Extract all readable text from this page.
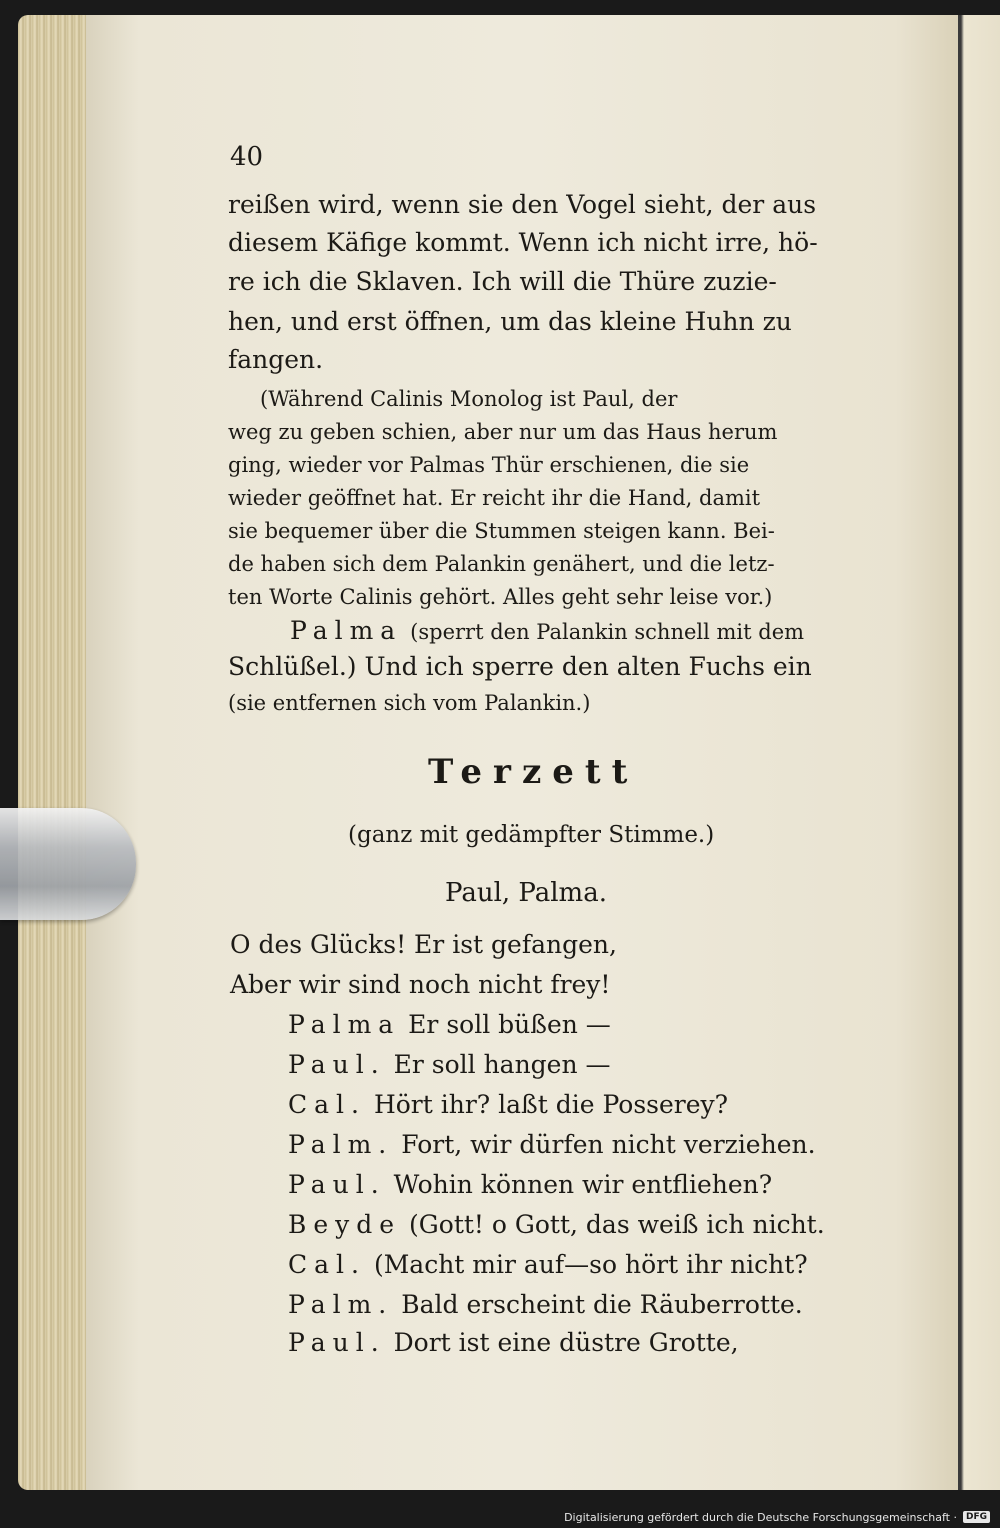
40
reißen wird, wenn sie den Vogel sieht, der aus
diesem Käfige kommt. Wenn ich nicht irre, hö-
re ich die Sklaven. Ich will die Thüre zuzie-
hen, und erst öffnen, um das kleine Huhn zu
fangen.
(Während Calinis Monolog ist Paul, der
weg zu geben schien, aber nur um das Haus herum
ging, wieder vor Palmas Thür erschienen, die sie
wieder geöffnet hat. Er reicht ihr die Hand, damit
sie bequemer über die Stummen steigen kann. Bei-
de haben sich dem Palankin genähert, und die letz-
ten Worte Calinis gehört. Alles geht sehr leise vor.)
Palma (sperrt den Palankin schnell mit dem
Schlüßel.) Und ich sperre den alten Fuchs ein
(sie entfernen sich vom Palankin.)
Terzett
(ganz mit gedämpfter Stimme.)
Paul, Palma.
O des Glücks! Er ist gefangen,
Aber wir sind noch nicht frey!
Palma Er soll büßen —
Paul. Er soll hangen —
Cal. Hört ihr? laßt die Posserey?
Palm. Fort, wir dürfen nicht verziehen.
Paul. Wohin können wir entfliehen?
Beyde (Gott! o Gott, das weiß ich nicht.
Cal. (Macht mir auf—so hört ihr nicht?
Palm. Bald erscheint die Räuberrotte.
Paul. Dort ist eine düstre Grotte,
Digitalisierung gefördert durch die Deutsche Forschungsgemeinschaft ·	DFG
